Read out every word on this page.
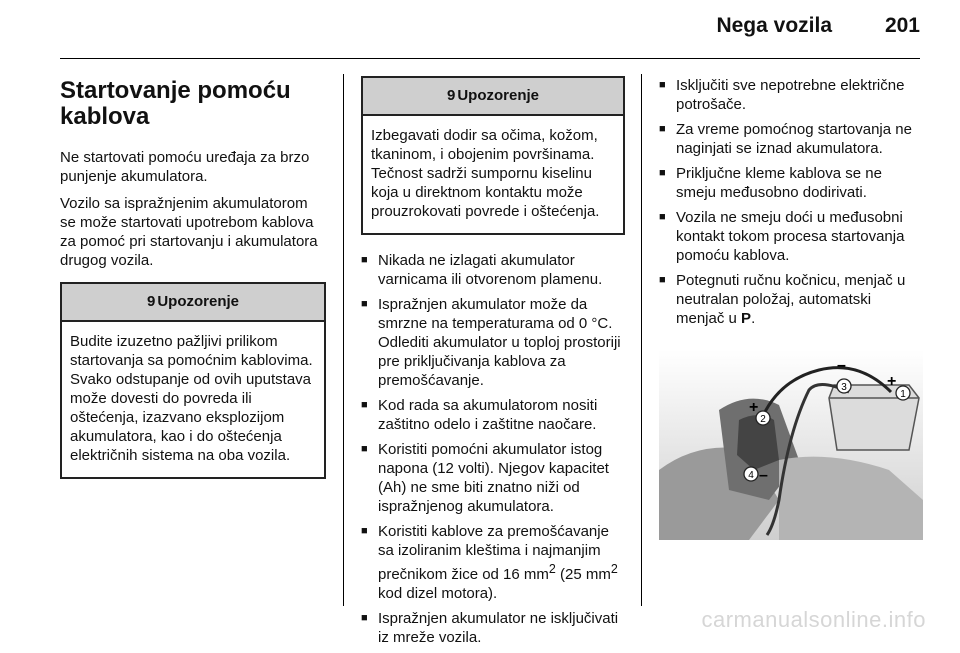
Nega vozila	201
Startovanje pomoću kablova

Ne startovati pomoću uređaja za brzo punjenje akumulatora.

Vozilo sa ispražnjenim akumulatorom se može startovati upotrebom kablova za pomoć pri startovanju i akumulatora drugog vozila.

9 Upozorenje
Budite izuzetno pažljivi prilikom startovanja sa pomoćnim kablovima. Svako odstupanje od ovih uputstava može dovesti do povreda ili oštećenja, izazvano eksplozijom akumulatora, kao i do oštećenja električnih sistema na oba vozila.
9 Upozorenje
Izbegavati dodir sa očima, kožom, tkaninom, i obojenim površinama. Tečnost sadrži sumpornu kiselinu koja u direktnom kontaktu može prouzrokovati povrede i oštećenja.
■ Nikada ne izlagati akumulator varnicama ili otvorenom plamenu.
■ Ispražnjen akumulator može da smrzne na temperaturama od 0 °C. Odlediti akumulator u toploj prostoriji pre priključivanja kablova za premošćavanje.
■ Kod rada sa akumulatorom nositi zaštitno odelo i zaštitne naočare.
■ Koristiti pomoćni akumulator istog napona (12 volti). Njegov kapacitet (Ah) ne sme biti znatno niži od ispražnjenog akumulatora.
■ Koristiti kablove za premošćavanje sa izoliranim kleštima i najmanjim prečnikom žice od 16 $mm^2$ (25 $mm^2$ kod dizel motora).
■ Ispražnjen akumulator ne isključivati iz mreže vozila.
■ Isključiti sve nepotrebne električne potrošače.
■ Za vreme pomoćnog startovanja ne naginjati se iznad akumulatora.
■ Priključne kleme kablova se ne smeju međusobno dodirivati.
■ Vozila ne smeju doći u međusobni kontakt tokom procesa startovanja pomoću kablova.
■ Potegnuti ručnu kočnicu, menjač u neutralan položaj, automatski menjač u P.
1
2
3
4
+
–
+
–
carmanualsonline.info
